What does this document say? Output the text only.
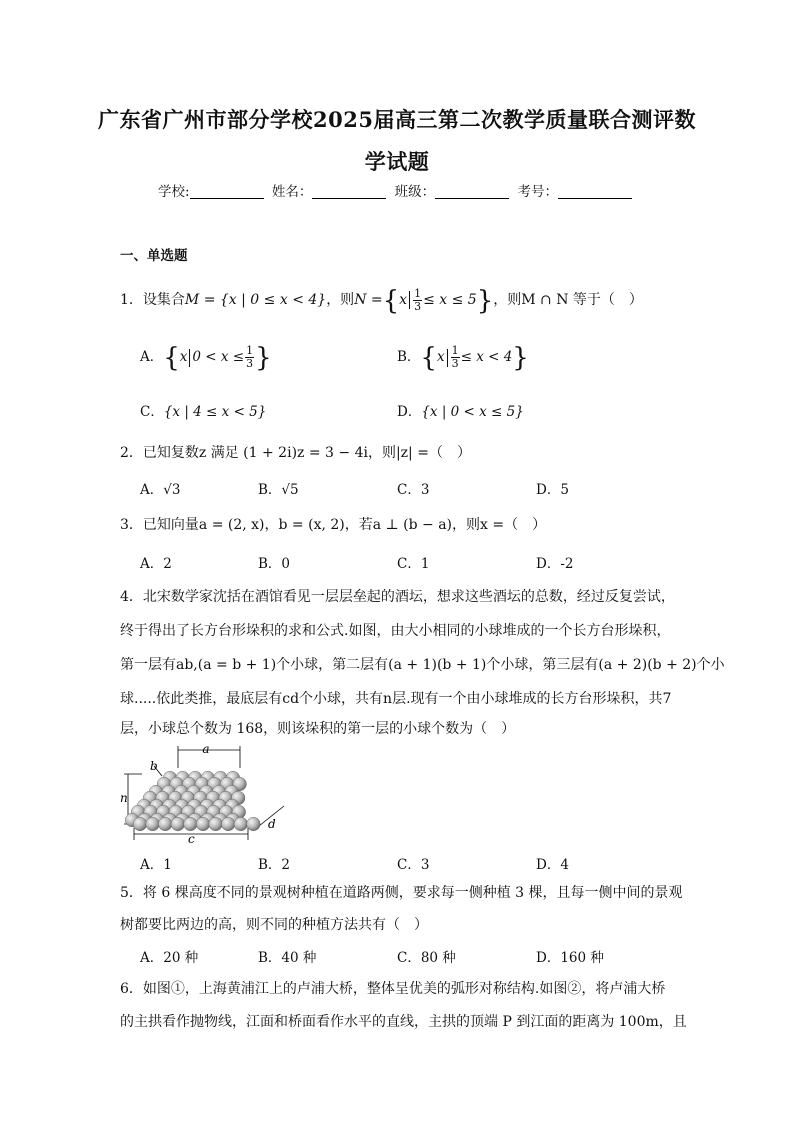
广东省广州市部分学校2025届高三第二次教学质量联合测评数
学试题
学校:	姓名：	班级：	考号：
一、单选题
1．设集合M = {x | 0 ≤ x < 4}，则$N =\{x \frac{1}{3} \le x \le 5\}$，则M ∩ N 等于（　）
A．{x $0 < x \le \frac{1}{3}$ }	B．$\{x \frac{1}{3} \le x < 4\}$
C．{x | 4 ≤ x < 5}	D．{x | 0 < x ≤ 5}
2．已知复数z 满足 (1 + 2i)z = 3 − 4i，则|z| =（　）
A．√3	B．√5	C．3	D．5
3．已知向量a = (2, x)，b = (x, 2)，若a ⊥ (b − a)，则x =（　）
A．2	B．0	C．1	D．-2
4．北宋数学家沈括在酒馆看见一层层垒起的酒坛，想求这些酒坛的总数，经过反复尝试，
终于得出了长方台形垛积的求和公式.如图，由大小相同的小球堆成的一个长方台形垛积，
第一层有ab,(a = b + 1)个小球，第二层有(a + 1)(b + 1)个小球，第三层有(a + 2)(b + 2)个小
球.....依此类推，最底层有cd个小球，共有n层.现有一个由小球堆成的长方台形垛积，共7
层，小球总个数为 168，则该垛积的第一层的小球个数为（　）
a
b
n
c
d
A．1	B．2	C．3	D．4
5．将 6 棵高度不同的景观树种植在道路两侧，要求每一侧种植 3 棵，且每一侧中间的景观
树都要比两边的高，则不同的种植方法共有（　）
A．20 种	B．40 种	C．80 种	D．160 种
6．如图①，上海黄浦江上的卢浦大桥，整体呈优美的弧形对称结构.如图②，将卢浦大桥
的主拱看作抛物线，江面和桥面看作水平的直线，主拱的顶端 P 到江面的距离为 100m，且
